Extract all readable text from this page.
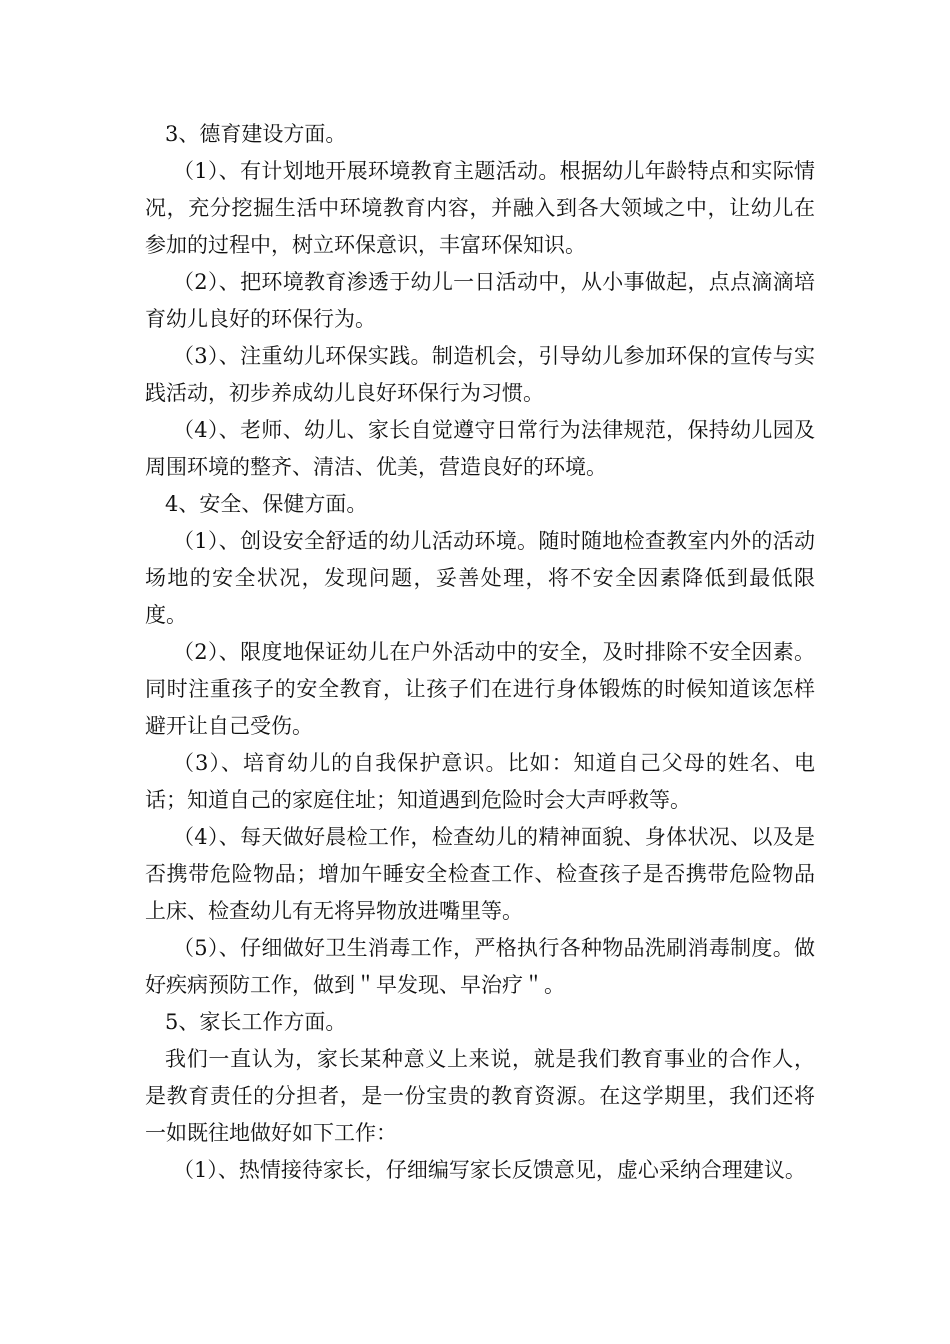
3、德育建设方面。

（1）、有计划地开展环境教育主题活动。根据幼儿年龄特点和实际情况，充分挖掘生活中环境教育内容，并融入到各大领域之中，让幼儿在参加的过程中，树立环保意识，丰富环保知识。

（2）、把环境教育渗透于幼儿一日活动中，从小事做起，点点滴滴培育幼儿良好的环保行为。

（3）、注重幼儿环保实践。制造机会，引导幼儿参加环保的宣传与实践活动，初步养成幼儿良好环保行为习惯。

（4）、老师、幼儿、家长自觉遵守日常行为法律规范，保持幼儿园及周围环境的整齐、清洁、优美，营造良好的环境。

4、安全、保健方面。

（1）、创设安全舒适的幼儿活动环境。随时随地检查教室内外的活动场地的安全状况，发现问题，妥善处理，将不安全因素降低到最低限度。

（2）、限度地保证幼儿在户外活动中的安全，及时排除不安全因素。同时注重孩子的安全教育，让孩子们在进行身体锻炼的时候知道该怎样避开让自己受伤。

（3）、培育幼儿的自我保护意识。比如：知道自己父母的姓名、电话；知道自己的家庭住址；知道遇到危险时会大声呼救等。

（4）、每天做好晨检工作，检查幼儿的精神面貌、身体状况、以及是否携带危险物品；增加午睡安全检查工作、检查孩子是否携带危险物品上床、检查幼儿有无将异物放进嘴里等。

（5）、仔细做好卫生消毒工作，严格执行各种物品洗刷消毒制度。做好疾病预防工作，做到＂早发现、早治疗＂。

5、家长工作方面。

我们一直认为，家长某种意义上来说，就是我们教育事业的合作人，是教育责任的分担者，是一份宝贵的教育资源。在这学期里，我们还将一如既往地做好如下工作：

（1）、热情接待家长，仔细编写家长反馈意见，虚心采纳合理建议。
